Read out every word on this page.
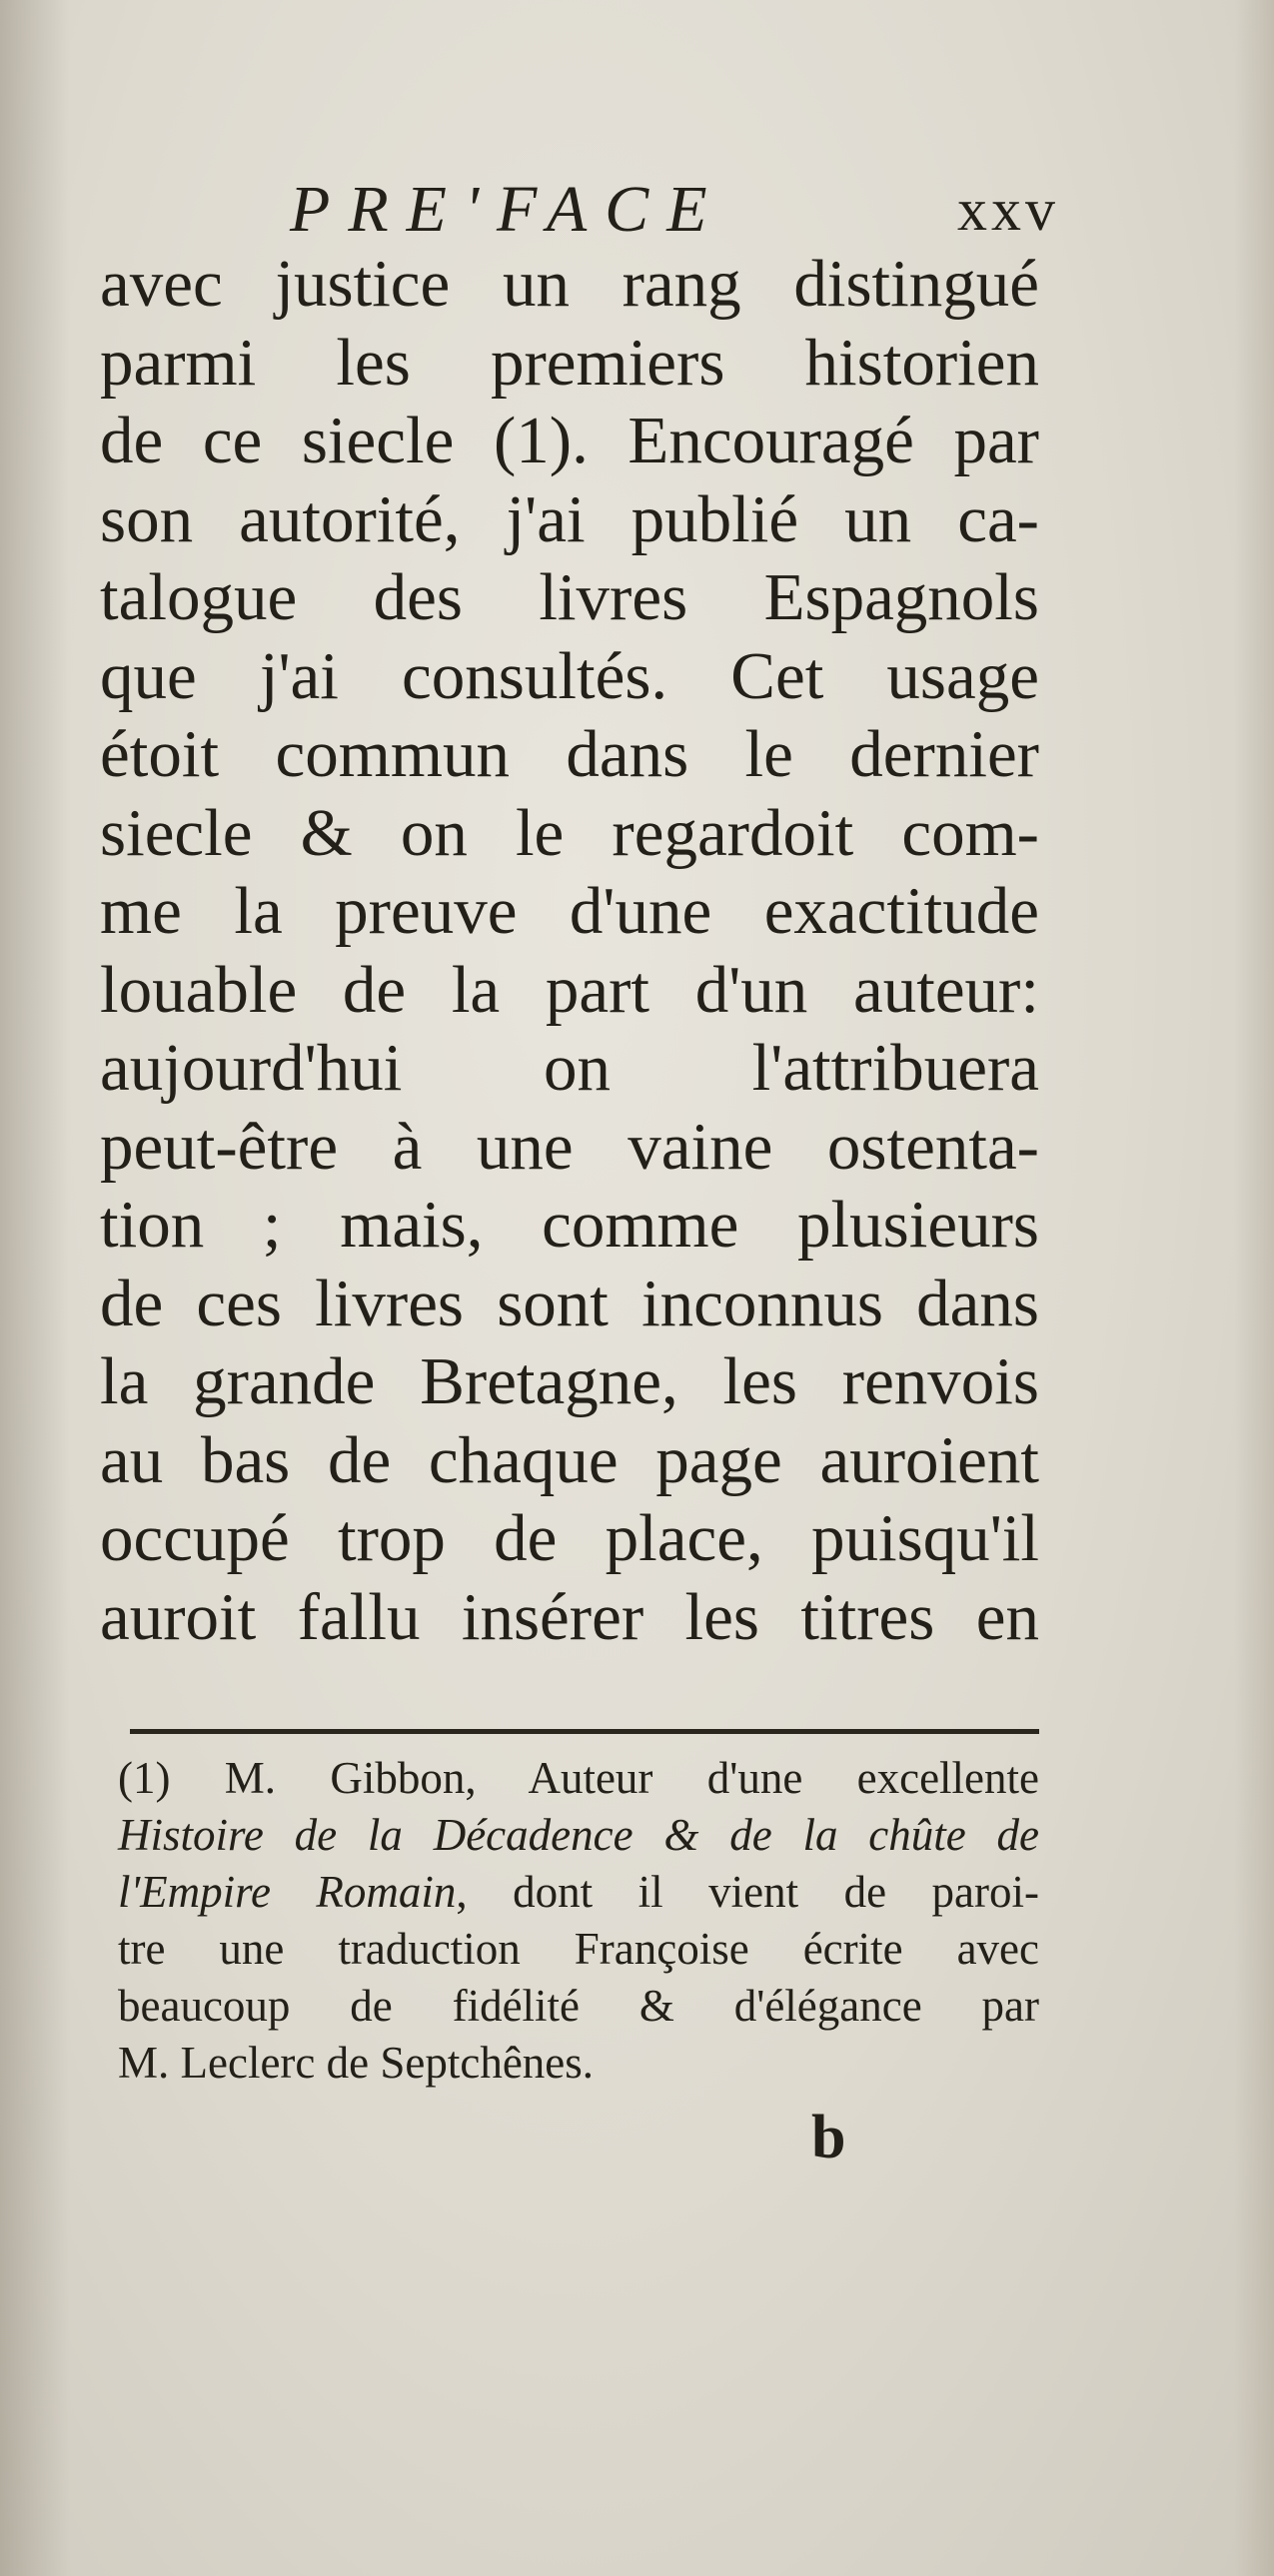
PRE'FACE	xxv
avec justice un rang distingué
parmi les premiers historien
de ce siecle (1). Encouragé par
son autorité, j'ai publié un ca-
talogue des livres Espagnols
que j'ai consultés. Cet usage
étoit commun dans le dernier
siecle & on le regardoit com-
me la preuve d'une exactitude
louable de la part d'un auteur:
aujourd'hui on l'attribuera
peut-être à une vaine ostenta-
tion ; mais, comme plusieurs
de ces livres sont inconnus dans
la grande Bretagne, les renvois
au bas de chaque page auroient
occupé trop de place, puisqu'il
auroit fallu insérer les titres en
(1) M. Gibbon, Auteur d'une excellente
Histoire de la Décadence & de la chûte de
l'Empire Romain, dont il vient de paroi-
tre une traduction Françoise écrite avec
beaucoup de fidélité & d'élégance par
M. Leclerc de Septchênes.
b
